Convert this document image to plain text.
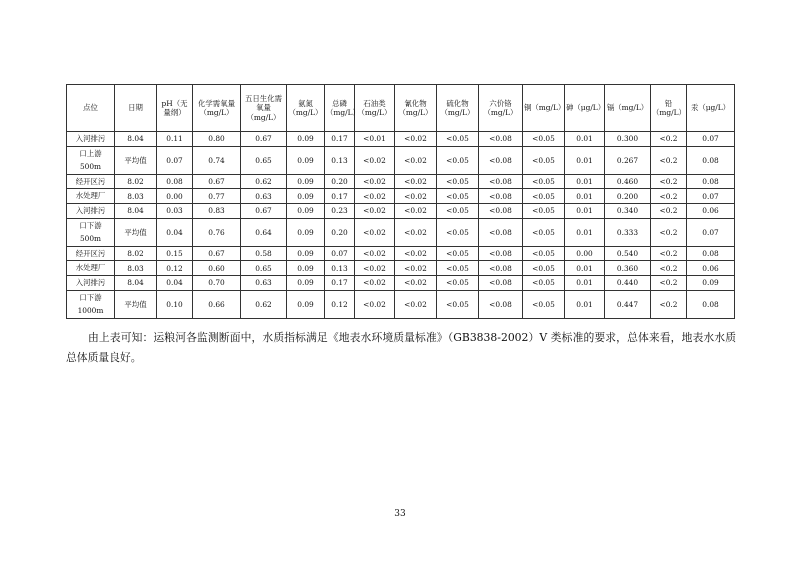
点位	日期	pH（无量纲）	化学需氧量（mg/L）	五日生化需氧量（mg/L）	氨氮（mg/L）	总磷（mg/L）	石油类（mg/L）	氰化物（mg/L）	硫化物（mg/L）	六价铬（mg/L）	铜（mg/L）	砷（μg/L）	镉（mg/L）	铅（mg/L）	汞（μg/L）

入河排污	8.04	0.11	0.80	0.67	0.09	0.17	<0.01	<0.02	<0.05	<0.08	<0.05	0.01	0.300	<0.2	0.07

口上游
500m	平均值	0.07	0.74	0.65	0.09	0.13	<0.02	<0.02	<0.05	<0.08	<0.05	0.01	0.267	<0.2	0.08

经开区污	8.02	0.08	0.67	0.62	0.09	0.20	<0.02	<0.02	<0.05	<0.08	<0.05	0.01	0.460	<0.2	0.08

水处理厂	8.03	0.00	0.77	0.63	0.09	0.17	<0.02	<0.02	<0.05	<0.08	<0.05	0.01	0.200	<0.2	0.07

入河排污	8.04	0.03	0.83	0.67	0.09	0.23	<0.02	<0.02	<0.05	<0.08	<0.05	0.01	0.340	<0.2	0.06

口下游
500m	平均值	0.04	0.76	0.64	0.09	0.20	<0.02	<0.02	<0.05	<0.08	<0.05	0.01	0.333	<0.2	0.07

经开区污	8.02	0.15	0.67	0.58	0.09	0.07	<0.02	<0.02	<0.05	<0.08	<0.05	0.00	0.540	<0.2	0.08

水处理厂	8.03	0.12	0.60	0.65	0.09	0.13	<0.02	<0.02	<0.05	<0.08	<0.05	0.01	0.360	<0.2	0.06

入河排污	8.04	0.04	0.70	0.63	0.09	0.17	<0.02	<0.02	<0.05	<0.08	<0.05	0.01	0.440	<0.2	0.09

口下游
1000m	平均值	0.10	0.66	0.62	0.09	0.12	<0.02	<0.02	<0.05	<0.08	<0.05	0.01	0.447	<0.2	0.08

由上表可知：运粮河各监测断面中，水质指标满足《地表水环境质量标准》（GB3838-2002）V 类标准的要求，总体来看，地表水水质总体质量良好。

33
